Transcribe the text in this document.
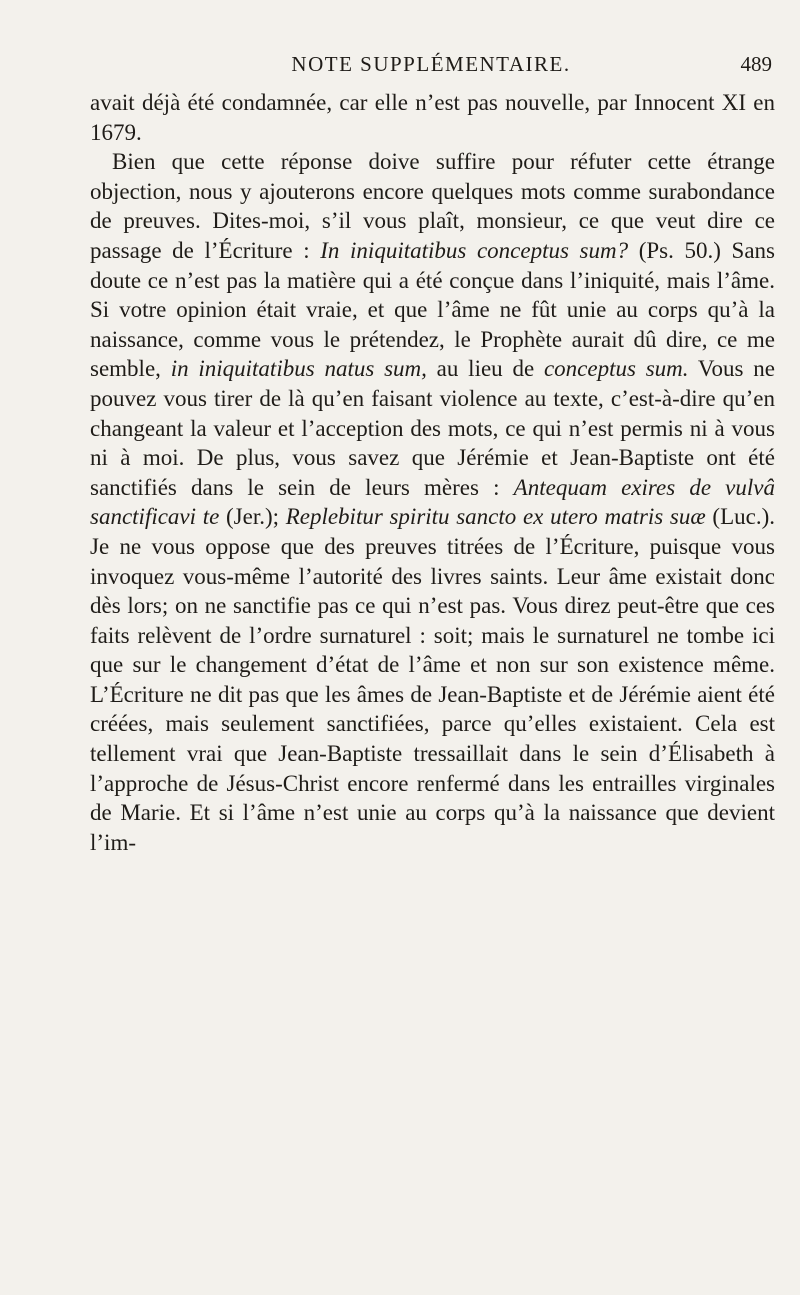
NOTE SUPPLÉMENTAIRE.	489

avait déjà été condamnée, car elle n’est pas nouvelle, par Innocent XI en 1679.

Bien que cette réponse doive suffire pour réfuter cette étrange objection, nous y ajouterons encore quelques mots comme surabondance de preuves. Dites-moi, s’il vous plaît, monsieur, ce que veut dire ce passage de l’Écriture : In iniquitatibus conceptus sum? (Ps. 50.) Sans doute ce n’est pas la matière qui a été conçue dans l’iniquité, mais l’âme. Si votre opinion était vraie, et que l’âme ne fût unie au corps qu’à la naissance, comme vous le prétendez, le Prophète aurait dû dire, ce me semble, in iniquitatibus natus sum, au lieu de conceptus sum. Vous ne pouvez vous tirer de là qu’en faisant violence au texte, c’est-à-dire qu’en changeant la valeur et l’acception des mots, ce qui n’est permis ni à vous ni à moi. De plus, vous savez que Jérémie et Jean-Baptiste ont été sanctifiés dans le sein de leurs mères : Antequam exires de vulvâ sanctificavi te (Jer.); Replebitur spiritu sancto ex utero matris suæ (Luc.). Je ne vous oppose que des preuves titrées de l’Écriture, puisque vous invoquez vous-même l’autorité des livres saints. Leur âme existait donc dès lors; on ne sanctifie pas ce qui n’est pas. Vous direz peut-être que ces faits relèvent de l’ordre surnaturel : soit; mais le surnaturel ne tombe ici que sur le changement d’état de l’âme et non sur son existence même. L’Écriture ne dit pas que les âmes de Jean-Baptiste et de Jérémie aient été créées, mais seulement sanctifiées, parce qu’elles existaient. Cela est tellement vrai que Jean-Baptiste tressaillait dans le sein d’Élisabeth à l’approche de Jésus-Christ encore renfermé dans les entrailles virginales de Marie. Et si l’âme n’est unie au corps qu’à la naissance que devient l’im-
